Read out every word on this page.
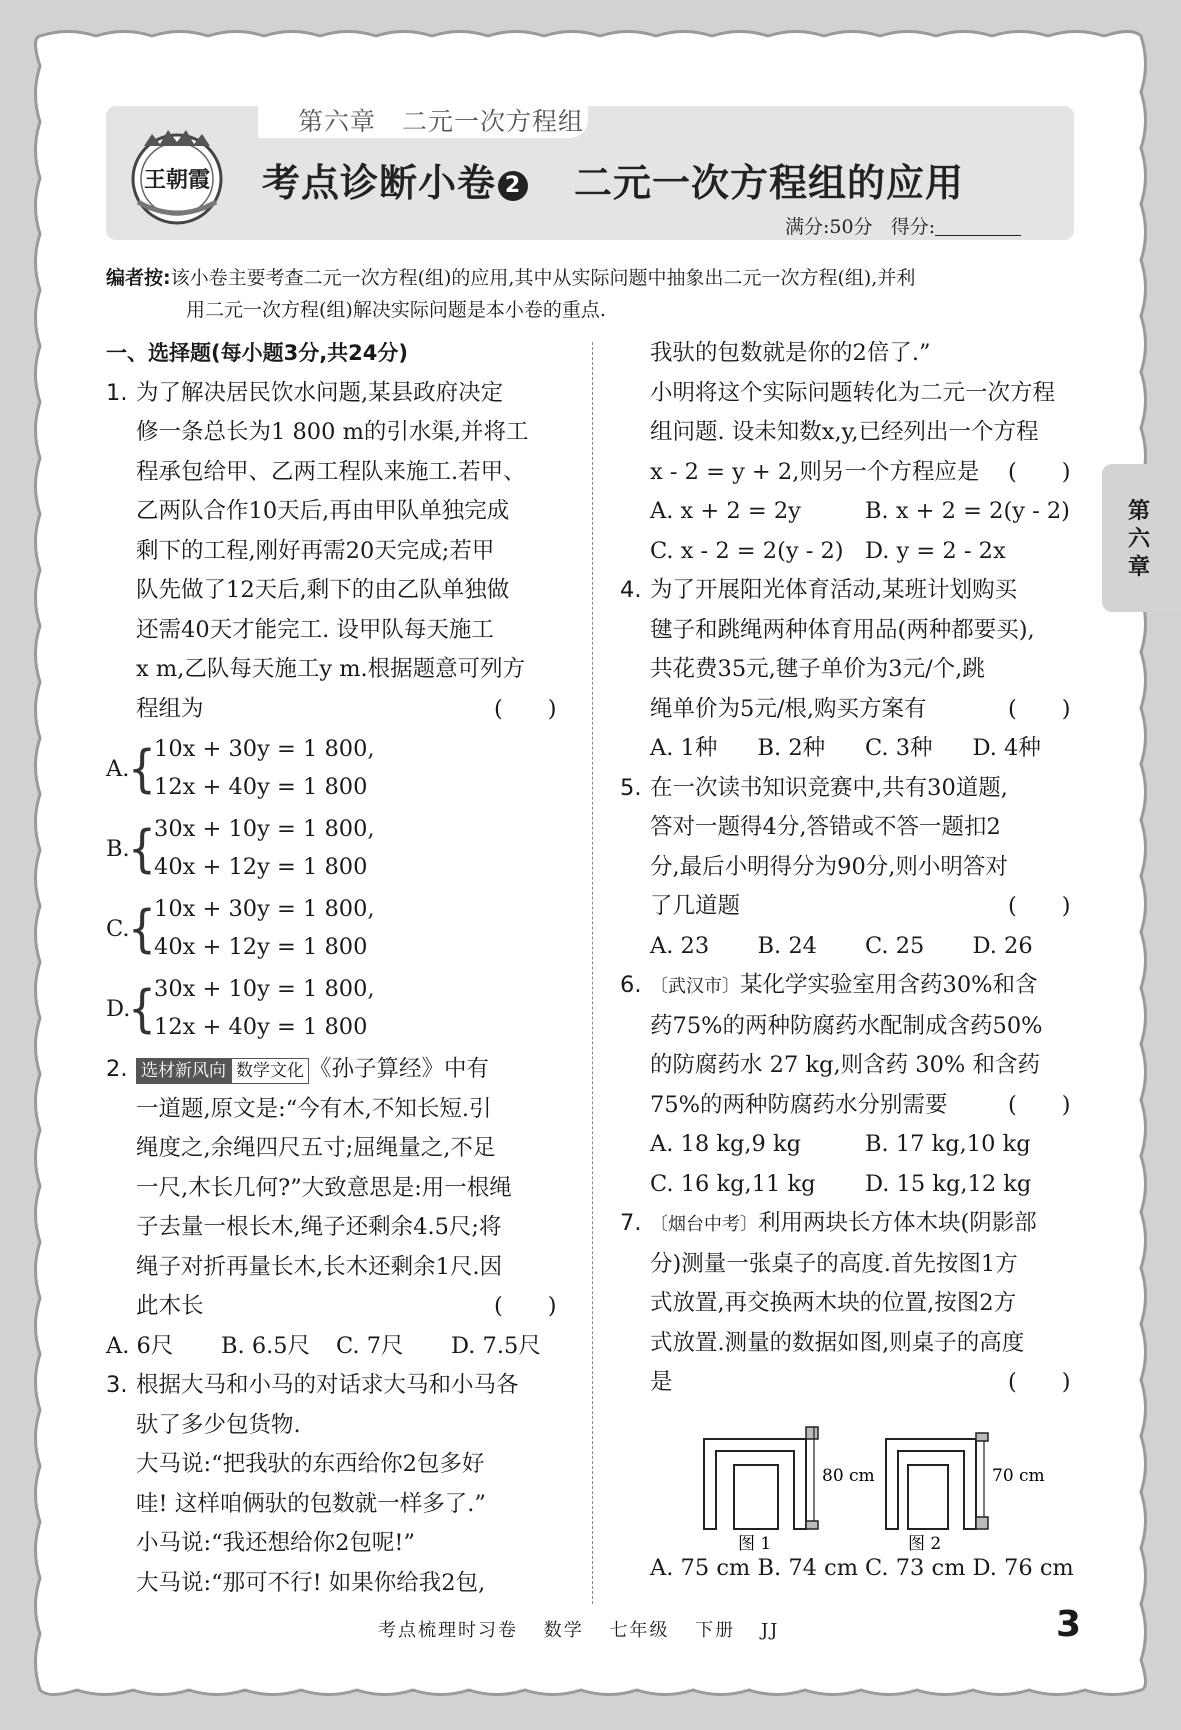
第六章 二元一次方程组
王朝霞 考点诊断小卷 2 二元一次方程组的应用
满分:50分 得分:
编者按:该小卷主要考查二元一次方程(组)的应用,其中从实际问题中抽象出二元一次方程(组),并利
用二元一次方程(组)解决实际问题是本小卷的重点.
一、选择题(每小题3分,共24分)
1. 为了解决居民饮水问题,某县政府决定
修一条总长为1 800 m的引水渠,并将工
程承包给甲、乙两工程队来施工.若甲、
乙两队合作10天后,再由甲队单独完成
剩下的工程,刚好再需20天完成;若甲
队先做了12天后,剩下的由乙队单独做
还需40天才能完工. 设甲队每天施工
x m,乙队每天施工y m.根据题意可列方
程组为	(　　)
A.
{
10x + 30y = 1 800,
12x + 40y = 1 800
B.
{
30x + 10y = 1 800,
40x + 12y = 1 800
C.
{
10x + 30y = 1 800,
40x + 12y = 1 800
D.
{
30x + 10y = 1 800,
12x + 40y = 1 800
2. 选材新风向 数学文化 《孙子算经》中有
一道题,原文是:“今有木,不知长短.引
绳度之,余绳四尺五寸;屈绳量之,不足
一尺,木长几何?”大致意思是:用一根绳
子去量一根长木,绳子还剩余4.5尺;将
绳子对折再量长木,长木还剩余1尺.因
此木长	(　　)
A. 6尺	B. 6.5尺	C. 7尺	D. 7.5尺
3. 根据大马和小马的对话求大马和小马各
驮了多少包货物.
大马说:“把我驮的东西给你2包多好
哇! 这样咱俩驮的包数就一样多了.”
小马说:“我还想给你2包呢!”
大马说:“那可不行! 如果你给我2包,
我驮的包数就是你的2倍了.”
小明将这个实际问题转化为二元一次方程
组问题. 设未知数x,y,已经列出一个方程
x - 2 = y + 2,则另一个方程应是 (　　)
A. x + 2 = 2y	B. x + 2 = 2(y - 2)
C. x - 2 = 2(y - 2) D. y = 2 - 2x
4. 为了开展阳光体育活动,某班计划购买
毽子和跳绳两种体育用品(两种都要买),
共花费35元,毽子单价为3元/个,跳
绳单价为5元/根,购买方案有	(　　)
A. 1种	B. 2种	C. 3种	D. 4种
5. 在一次读书知识竞赛中,共有30道题,
答对一题得4分,答错或不答一题扣2
分,最后小明得分为90分,则小明答对
了几道题	(　　)
A. 23	B. 24	C. 25	D. 26
6. 〔武汉市〕某化学实验室用含药30%和含
药75%的两种防腐药水配制成含药50%
的防腐药水 27 kg,则含药 30% 和含药
75%的两种防腐药水分别需要	(　　)
A. 18 kg,9 kg	B. 17 kg,10 kg
C. 16 kg,11 kg	D. 15 kg,12 kg
7. 〔烟台中考〕利用两块长方体木块(阴影部
分)测量一张桌子的高度.首先按图1方
式放置,再交换两木块的位置,按图2方
式放置.测量的数据如图,则桌子的高度
是	(　　)
80 cm
图 1
70 cm
图 2
A. 75 cm B. 74 cm C. 73 cm D. 76 cm
第六章
考点梳理时习卷 数学 七年级 下册 JJ	3
